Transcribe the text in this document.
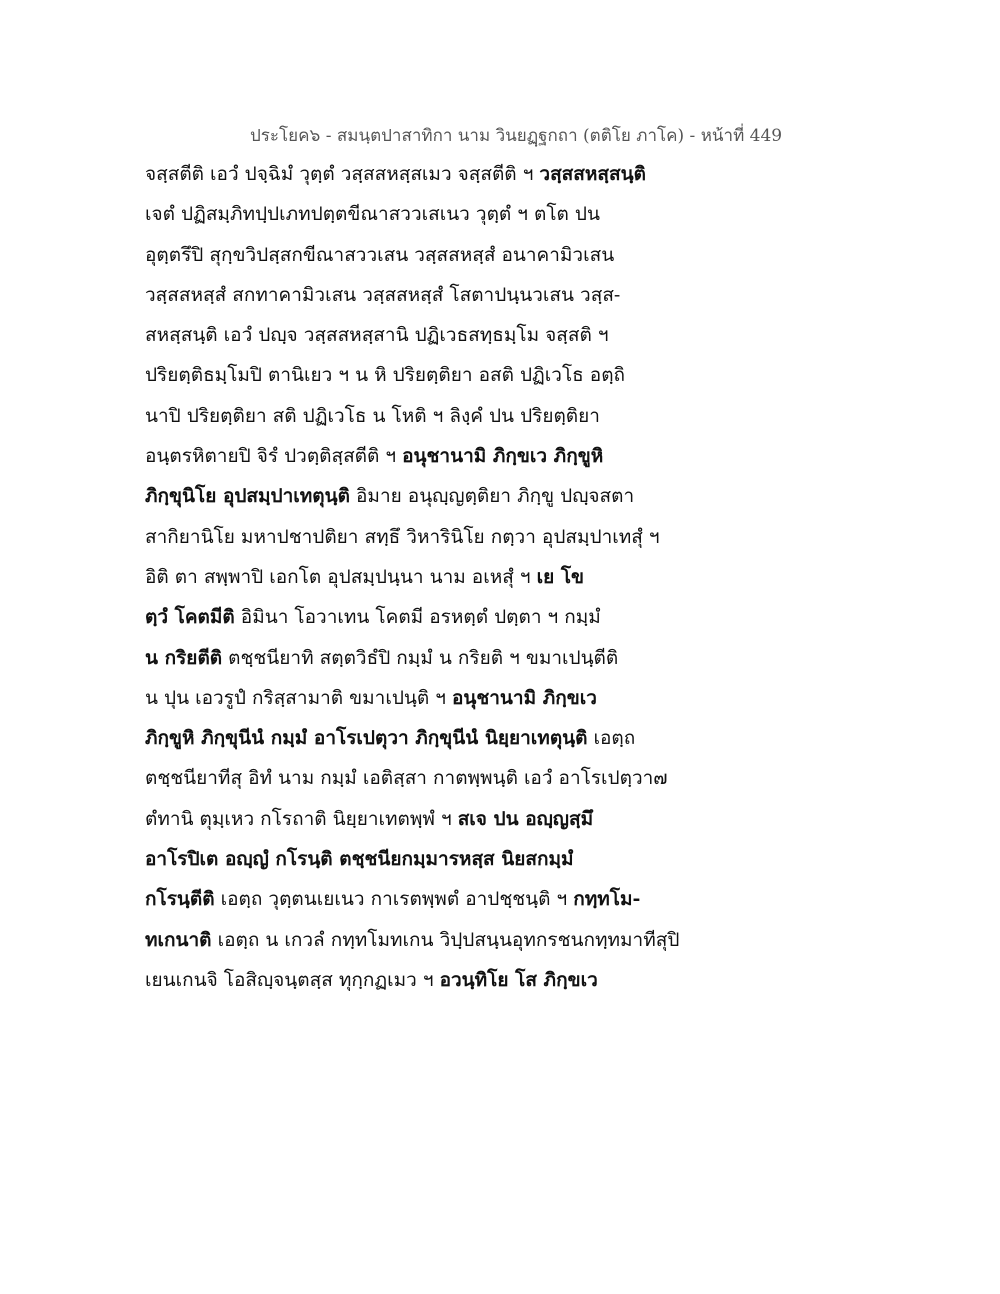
ประโยค๖ - สมนฺตปาสาทิกา นาม วินยฏฺฐกถา (ตติโย ภาโค) - หน้าที่ 449
จสฺสตีติ เอวํ ปจฺฉิมํ วุตฺตํ วสฺสสหสฺสเมว จสฺสตีติ ฯ วสฺสสหสฺสนฺติ
เจตํ ปฏิสมฺภิทปฺปเภทปตฺตขีณาสววเสเนว วุตฺตํ ฯ ตโต ปน
อุตฺตรึปิ สุกฺขวิปสฺสกขีณาสววเสน วสฺสสหสฺสํ อนาคามิวเสน
วสฺสสหสฺสํ สกทาคามิวเสน วสฺสสหสฺสํ โสตาปนฺนวเสน วสฺส-
สหสฺสนฺติ เอวํ ปญฺจ วสฺสสหสฺสานิ ปฏิเวธสทฺธมฺโม จสฺสติ ฯ
ปริยตฺติธมฺโมปิ ตานิเยว ฯ น หิ ปริยตฺติยา อสติ ปฏิเวโธ อตฺถิ
นาปิ ปริยตฺติยา สติ ปฏิเวโธ น โหติ ฯ ลิงฺคํ ปน ปริยตฺติยา
อนฺตรหิตายปิ จิรํ ปวตฺติสฺสตีติ ฯ อนุชานามิ ภิกฺขเว ภิกฺขูหิ
ภิกฺขุนิโย อุปสมฺปาเทตุนฺติ อิมาย อนุญฺญตฺติยา ภิกฺขู ปญฺจสตา
สากิยานิโย มหาปชาปติยา สทฺธึ วิหารินิโย กตฺวา อุปสมฺปาเทสุํ ฯ
อิติ ตา สพฺพาปิ เอกโต อุปสมฺปนฺนา นาม อเหสุํ ฯ เย โข
ตฺวํ โคตมีติ อิมินา โอวาเทน โคตมี อรหตฺตํ ปตฺตา ฯ กมฺมํ
น กริยตีติ ตชฺชนียาทิ สตฺตวิธํปิ กมฺมํ น กริยติ ฯ ขมาเปนฺตีติ
น ปุน เอวรูปํ กริสฺสามาติ ขมาเปนฺติ ฯ อนุชานามิ ภิกฺขเว
ภิกฺขูหิ ภิกฺขุนีนํ กมฺมํ อาโรเปตุวา ภิกฺขุนีนํ นิยฺยาเทตุนฺติ เอตฺถ
ตชฺชนียาทีสุ อิทํ นาม กมฺมํ เอติสฺสา กาตพฺพนฺติ เอวํ อาโรเปตฺวา๗
ตํทานิ ตุมฺเหว กโรถาติ นิยฺยาเทตพฺพํ ฯ สเจ ปน อญฺญสฺมึ
อาโรปิเต อญฺญํ กโรนฺติ ตชฺชนียกมฺมารหสฺส นิยสกมฺมํ
กโรนฺตีติ เอตฺถ วุตฺตนเยเนว กาเรตพฺพตํ อาปชฺชนฺติ ฯ กทฺทโม-
ทเกนาติ เอตฺถ น เกวลํ กทฺทโมทเกน วิปฺปสนฺนอุทกรชนกทฺทมาทีสุปิ
เยนเกนจิ โอสิญฺจนฺตสฺส ทุกฺกฏเมว ฯ อวนฺทิโย โส ภิกฺขเว
